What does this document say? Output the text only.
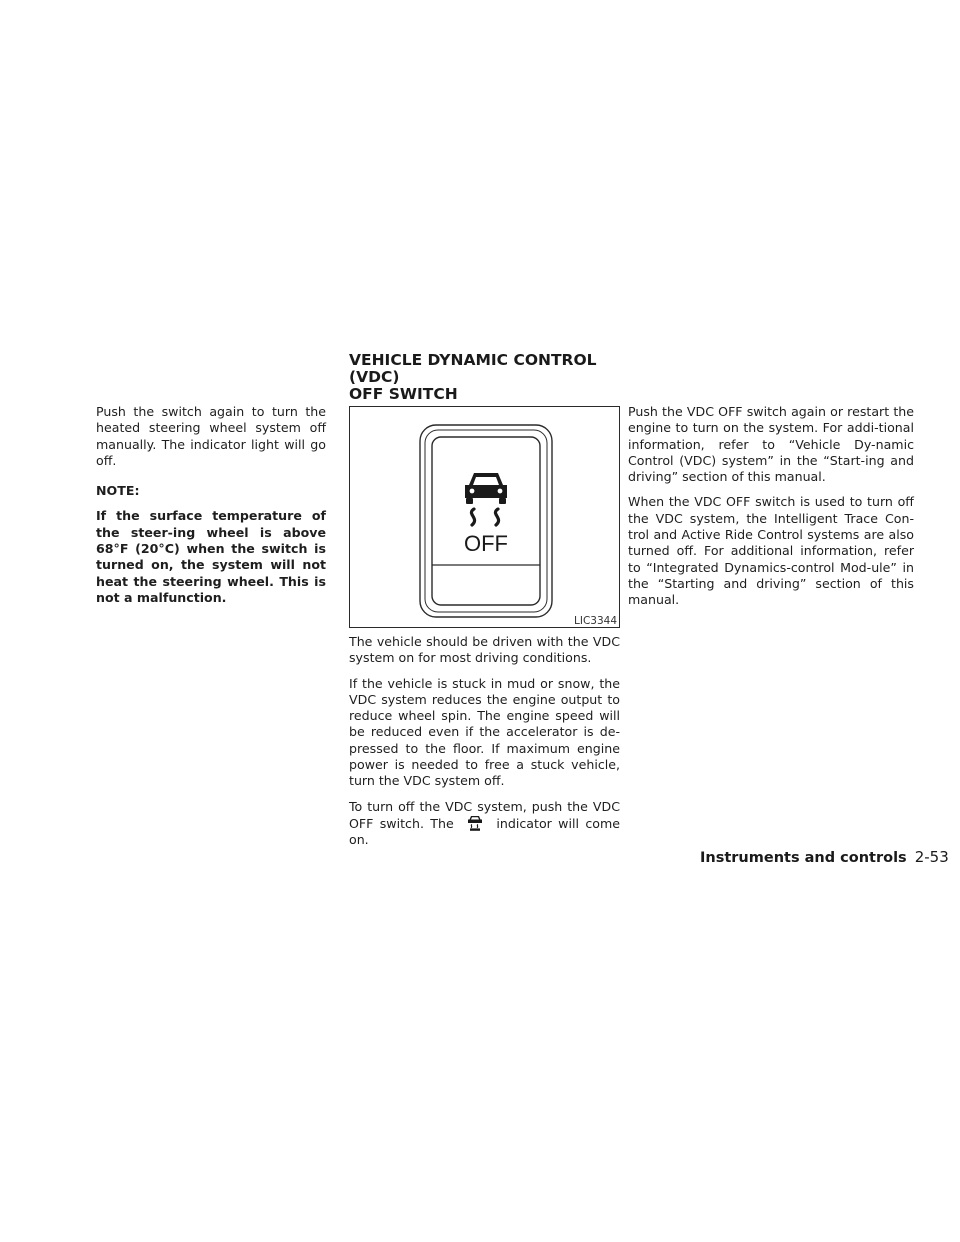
Push the switch again to turn the heated steering wheel system off manually. The indicator light will go off.

NOTE:

If the surface temperature of the steer-ing wheel is above 68°F (20°C) when the switch is turned on, the system will not heat the steering wheel. This is not a malfunction.

VEHICLE DYNAMIC CONTROL (VDC)
OFF SWITCH
OFF
LIC3344

The vehicle should be driven with the VDC system on for most driving conditions.

If the vehicle is stuck in mud or snow, the VDC system reduces the engine output to reduce wheel spin. The engine speed will be reduced even if the accelerator is de-pressed to the floor. If maximum engine power is needed to free a stuck vehicle, turn the VDC system off.

To turn off the VDC system, push the VDC OFF switch. The	indicator will come on.

Push the VDC OFF switch again or restart the engine to turn on the system. For addi-tional information, refer to “Vehicle Dy-namic Control (VDC) system” in the “Start-ing and driving” section of this manual.

When the VDC OFF switch is used to turn off the VDC system, the Intelligent Trace Con-trol and Active Ride Control systems are also turned off. For additional information, refer to “Integrated Dynamics-control Mod-ule” in the “Starting and driving” section of this manual.

Instruments and controls 2-53
